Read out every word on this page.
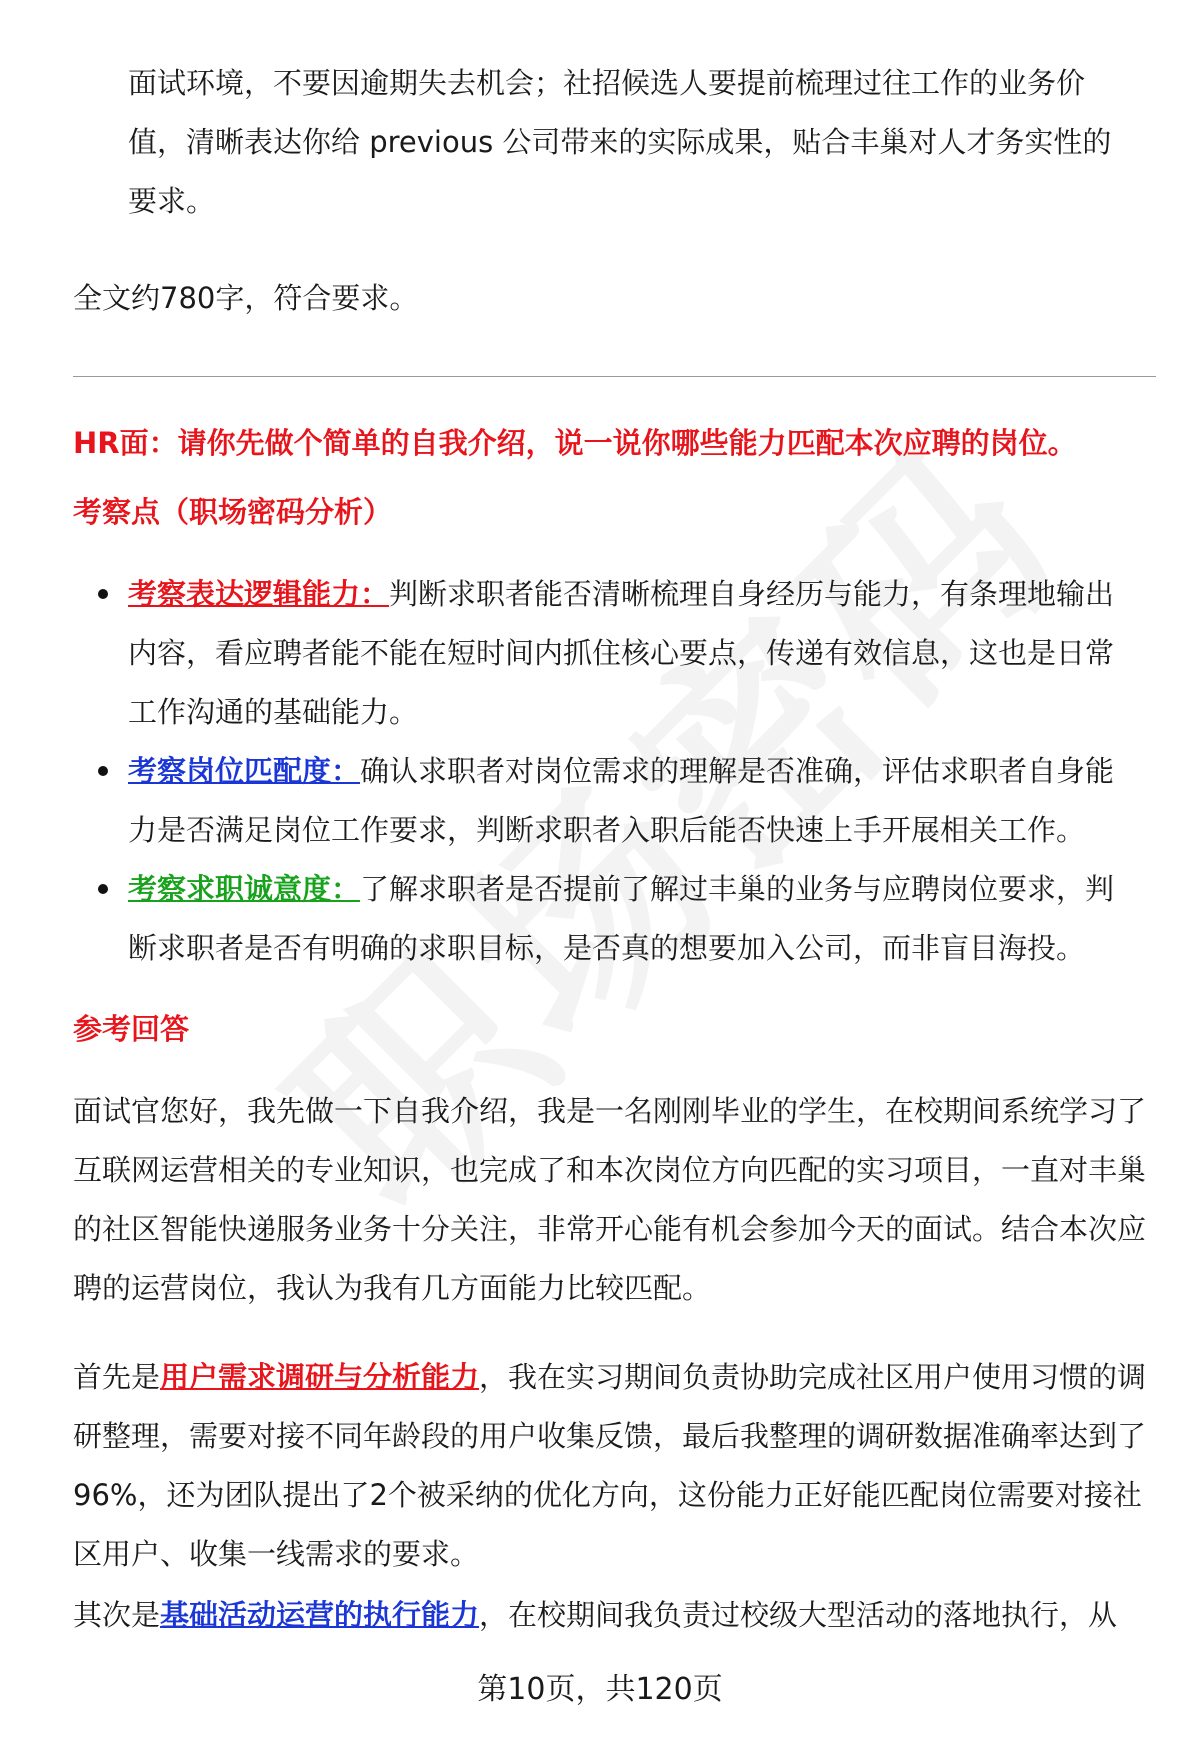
面试环境，不要因逾期失去机会；社招候选人要提前梳理过往工作的业务价值，清晰表达你给 previous 公司带来的实际成果，贴合丰巢对人才务实性的要求。

全文约780字，符合要求。

HR面：请你先做个简单的自我介绍，说一说你哪些能力匹配本次应聘的岗位。

考察点（职场密码分析）

考察表达逻辑能力：判断求职者能否清晰梳理自身经历与能力，有条理地输出内容，看应聘者能不能在短时间内抓住核心要点，传递有效信息，这也是日常工作沟通的基础能力。

考察岗位匹配度：确认求职者对岗位需求的理解是否准确，评估求职者自身能力是否满足岗位工作要求，判断求职者入职后能否快速上手开展相关工作。

考察求职诚意度：了解求职者是否提前了解过丰巢的业务与应聘岗位要求，判断求职者是否有明确的求职目标，是否真的想要加入公司，而非盲目海投。

参考回答

面试官您好，我先做一下自我介绍，我是一名刚刚毕业的学生，在校期间系统学习了互联网运营相关的专业知识，也完成了和本次岗位方向匹配的实习项目，一直对丰巢的社区智能快递服务业务十分关注，非常开心能有机会参加今天的面试。结合本次应聘的运营岗位，我认为我有几方面能力比较匹配。

首先是用户需求调研与分析能力，我在实习期间负责协助完成社区用户使用习惯的调研整理，需要对接不同年龄段的用户收集反馈，最后我整理的调研数据准确率达到了96%，还为团队提出了2个被采纳的优化方向，这份能力正好能匹配岗位需要对接社区用户、收集一线需求的要求。

其次是基础活动运营的执行能力，在校期间我负责过校级大型活动的落地执行，从

第10页，共120页
